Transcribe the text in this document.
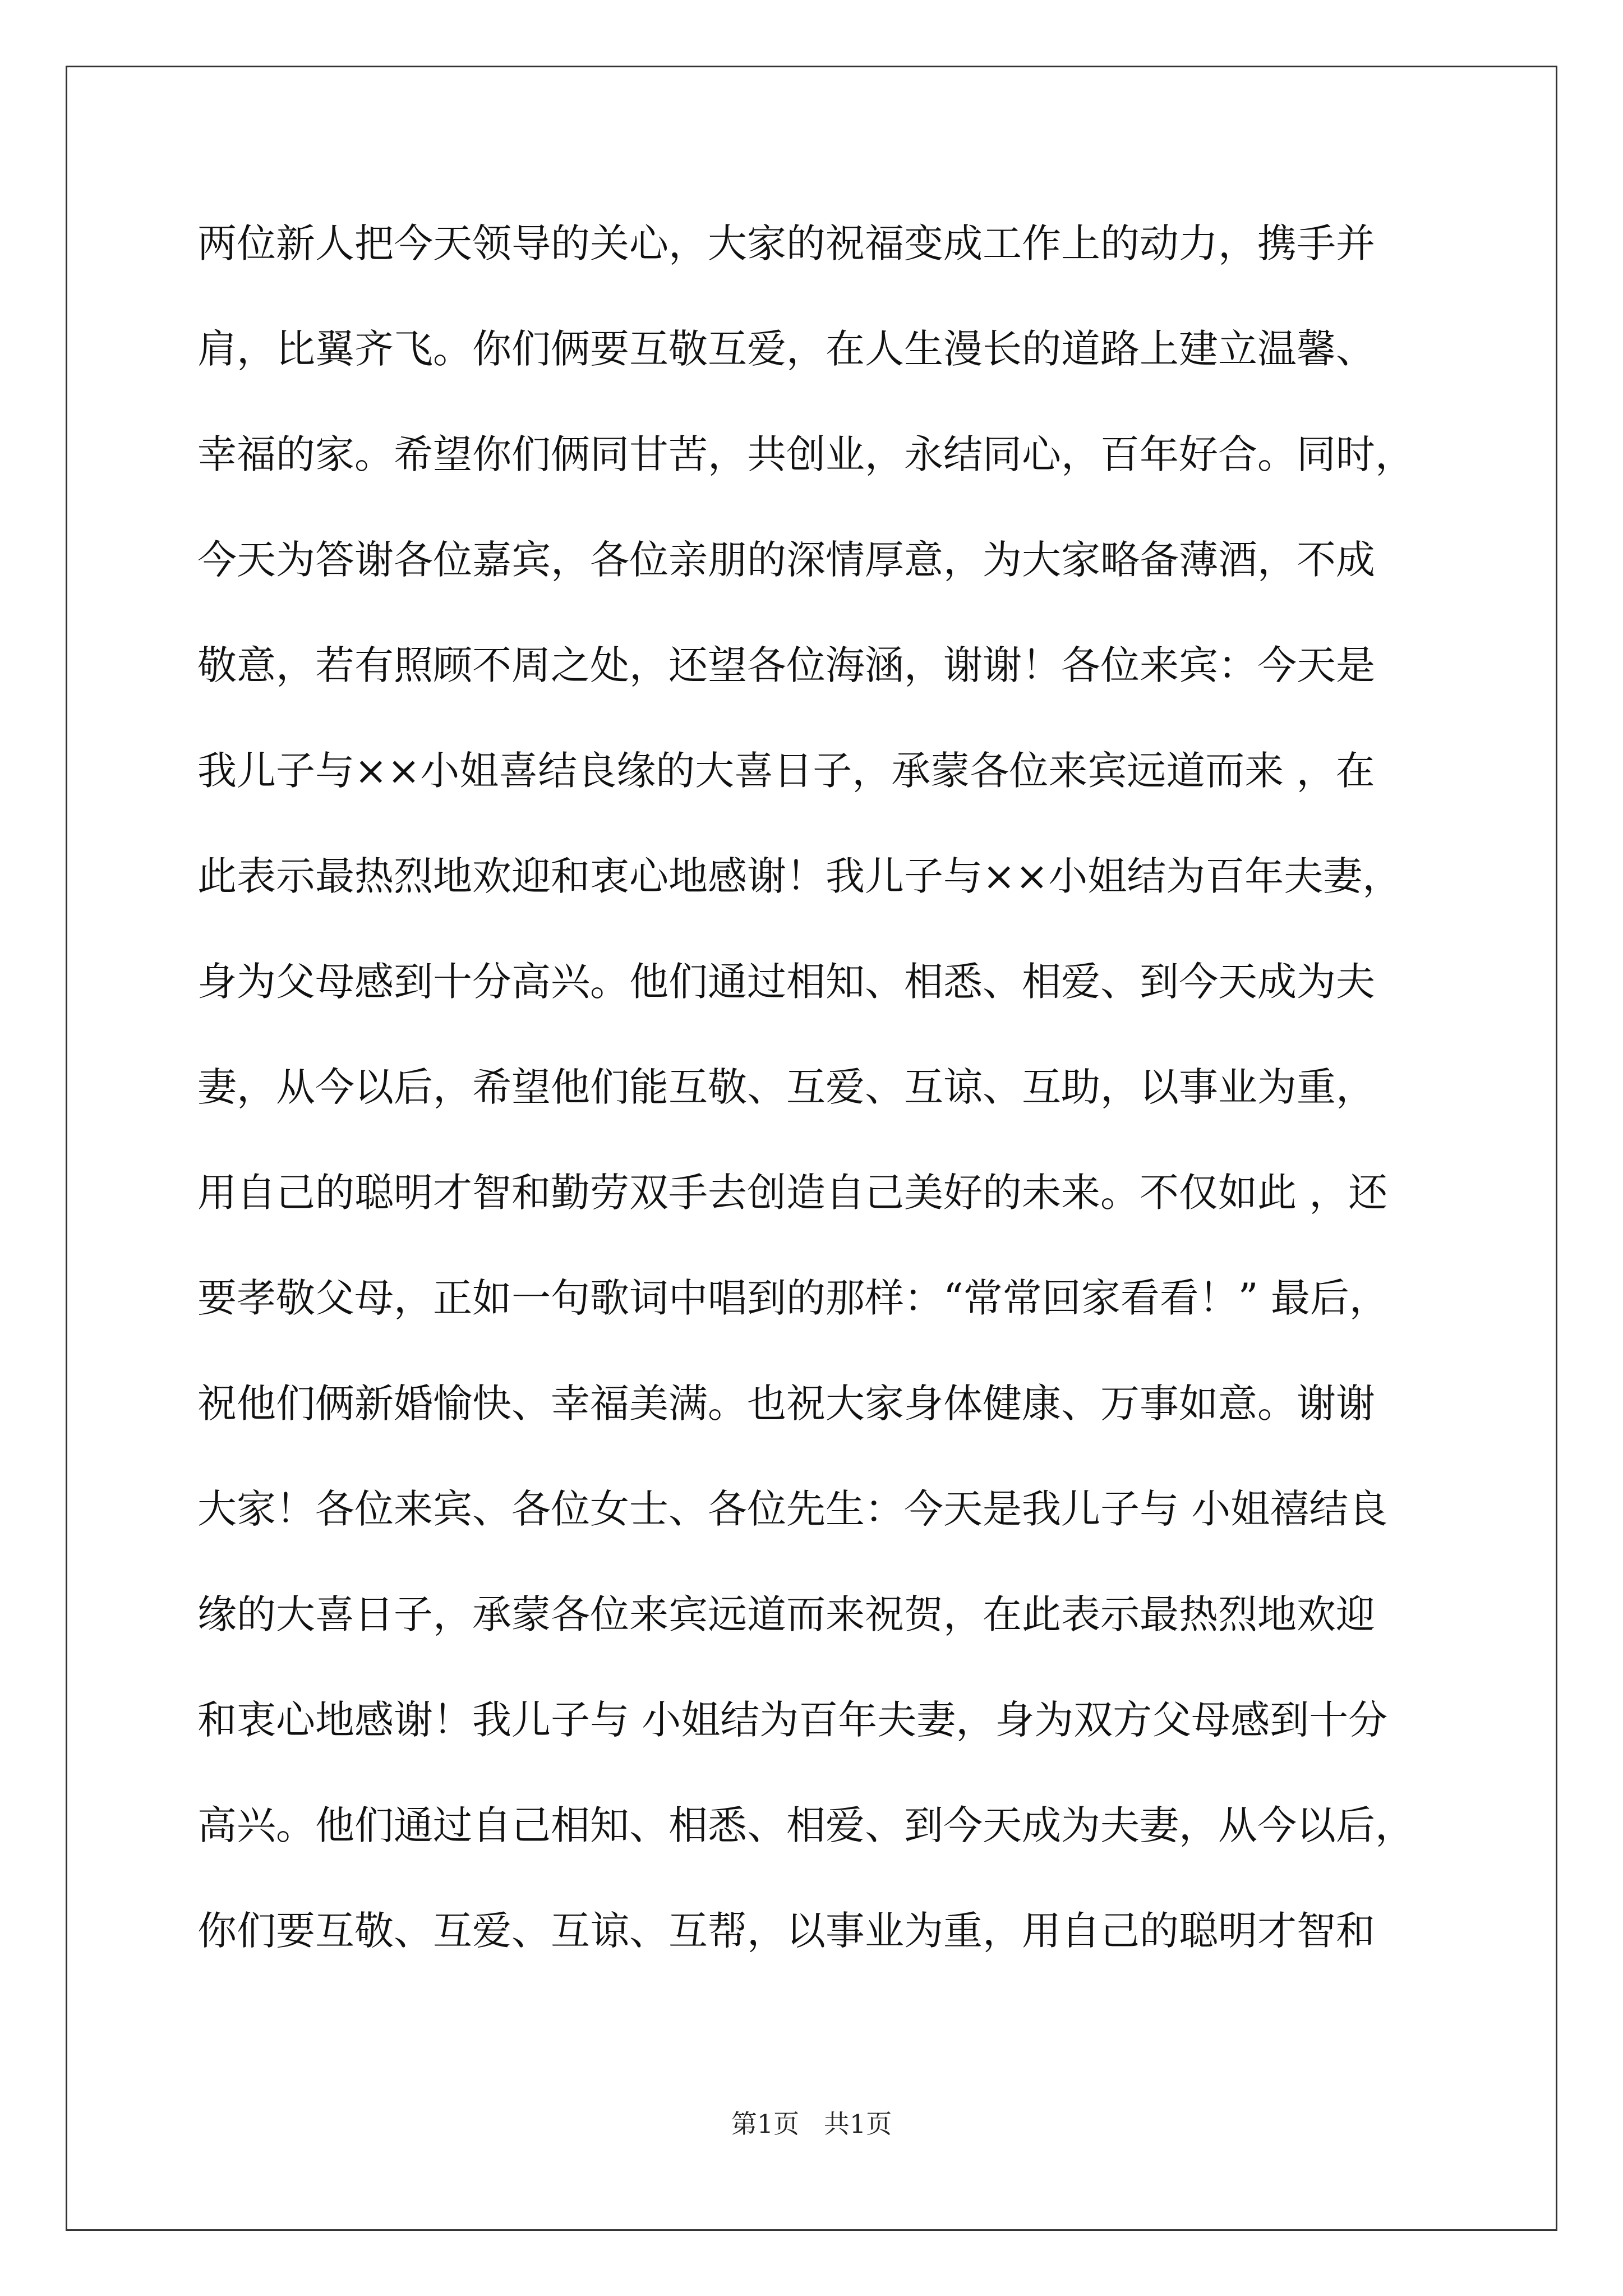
两位新人把今天领导的关心，大家的祝福变成工作上的动力，携手并
肩，比翼齐飞。你们俩要互敬互爱，在人生漫长的道路上建立温馨、
幸福的家。希望你们俩同甘苦，共创业，永结同心，百年好合。同时，
今天为答谢各位嘉宾，各位亲朋的深情厚意，为大家略备薄酒，不成
敬意，若有照顾不周之处，还望各位海涵，谢谢！各位来宾：今天是
我儿子与××小姐喜结良缘的大喜日子，承蒙各位来宾远道而来 ，在
此表示最热烈地欢迎和衷心地感谢！我儿子与××小姐结为百年夫妻，
身为父母感到十分高兴。他们通过相知、相悉、相爱、到今天成为夫
妻，从今以后，希望他们能互敬、互爱、互谅、互助，以事业为重，
用自己的聪明才智和勤劳双手去创造自己美好的未来。不仅如此 ，还
要孝敬父母，正如一句歌词中唱到的那样：“常常回家看看！” 最后，
祝他们俩新婚愉快、幸福美满。也祝大家身体健康、万事如意。谢谢
大家！各位来宾、各位女士、各位先生：今天是我儿子与 小姐禧结良
缘的大喜日子，承蒙各位来宾远道而来祝贺，在此表示最热烈地欢迎
和衷心地感谢！我儿子与 小姐结为百年夫妻，身为双方父母感到十分
高兴。他们通过自己相知、相悉、相爱、到今天成为夫妻，从今以后，
你们要互敬、互爱、互谅、互帮，以事业为重，用自己的聪明才智和
第1页   共1页
